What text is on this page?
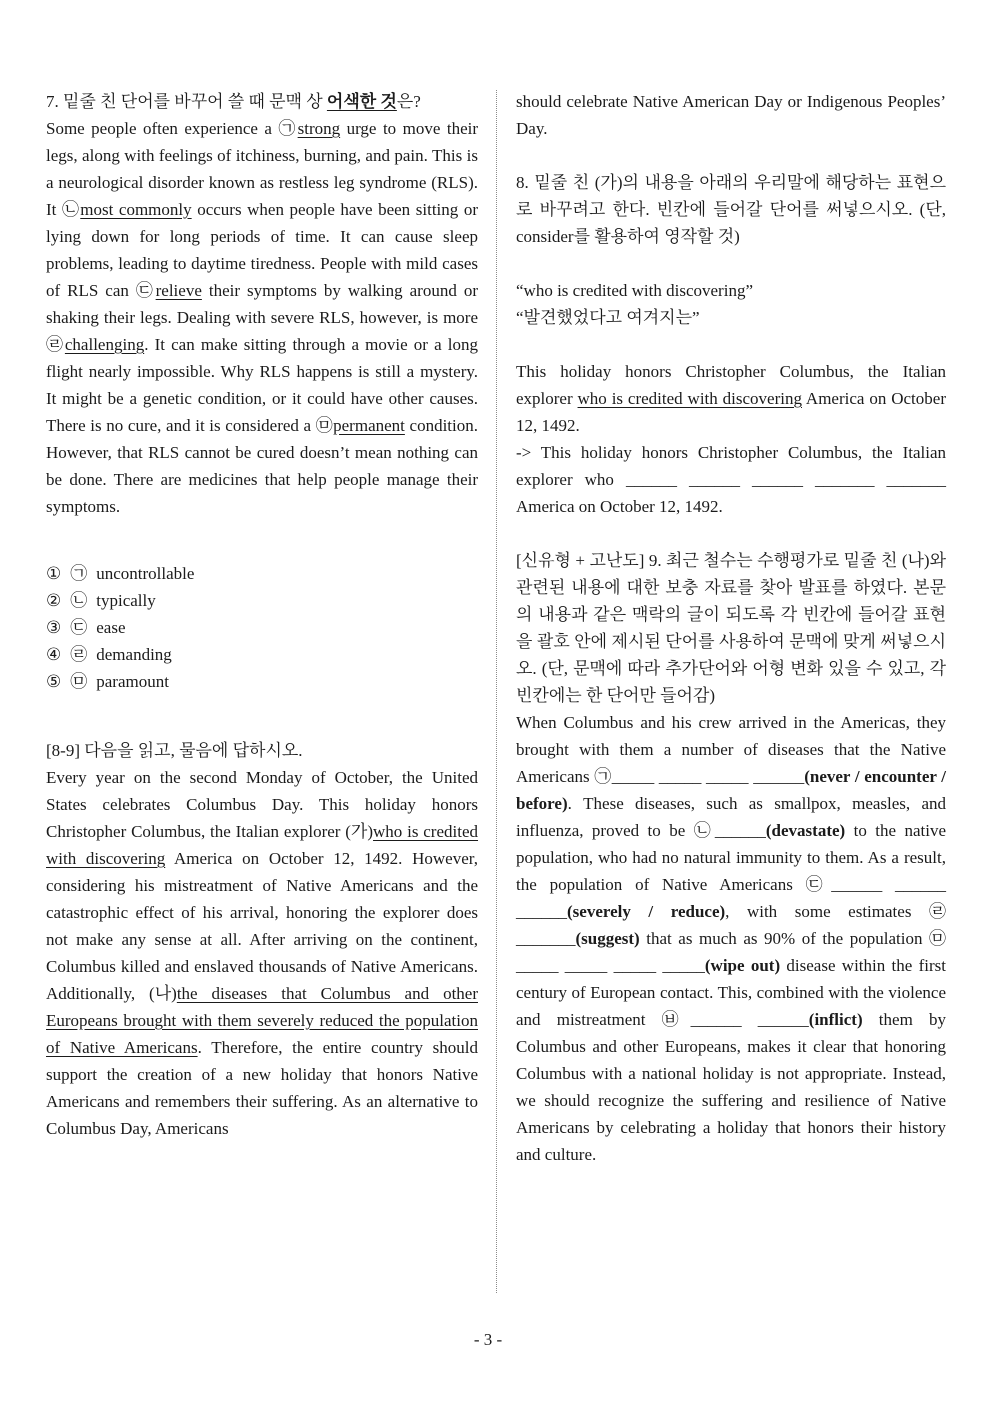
7. 밑줄 친 단어를 바꾸어 쓸 때 문맥 상 어색한 것은?
Some people often experience a ㉠strong urge to move their legs, along with feelings of itchiness, burning, and pain. This is a neurological disorder known as restless leg syndrome (RLS). It ㉡most commonly occurs when people have been sitting or lying down for long periods of time. It can cause sleep problems, leading to daytime tiredness. People with mild cases of RLS can ㉢relieve their symptoms by walking around or shaking their legs. Dealing with severe RLS, however, is more ㉣challenging. It can make sitting through a movie or a long flight nearly impossible. Why RLS happens is still a mystery. It might be a genetic condition, or it could have other causes. There is no cure, and it is considered a ㉤permanent condition. However, that RLS cannot be cured doesn’t mean nothing can be done. There are medicines that help people manage their symptoms.
① ㉠ uncontrollable
② ㉡ typically
③ ㉢ ease
④ ㉣ demanding
⑤ ㉤ paramount
[8-9] 다음을 읽고, 물음에 답하시오.
Every year on the second Monday of October, the United States celebrates Columbus Day. This holiday honors Christopher Columbus, the Italian explorer (가)who is credited with discovering America on October 12, 1492. However, considering his mistreatment of Native Americans and the catastrophic effect of his arrival, honoring the explorer does not make any sense at all. After arriving on the continent, Columbus killed and enslaved thousands of Native Americans. Additionally, (나)the diseases that Columbus and other Europeans brought with them severely reduced the population of Native Americans. Therefore, the entire country should support the creation of a new holiday that honors Native Americans and remembers their suffering. As an alternative to Columbus Day, Americans
should celebrate Native American Day or Indigenous Peoples’ Day.
8. 밑줄 친 (가)의 내용을 아래의 우리말에 해당하는 표현으로 바꾸려고 한다. 빈칸에 들어갈 단어를 써넣으시오. (단, consider를 활용하여 영작할 것)
“who is credited with discovering”
“발견했었다고 여겨지는”
This holiday honors Christopher Columbus, the Italian explorer who is credited with discovering America on October 12, 1492.
-> This holiday honors Christopher Columbus, the Italian explorer who ______ ______ ______ _______ _______ America on October 12, 1492.
[신유형 + 고난도] 9. 최근 철수는 수행평가로 밑줄 친 (나)와 관련된 내용에 대한 보충 자료를 찾아 발표를 하였다. 본문의 내용과 같은 맥락의 글이 되도록 각 빈칸에 들어갈 표현을 괄호 안에 제시된 단어를 사용하여 문맥에 맞게 써넣으시오. (단, 문맥에 따라 추가단어와 어형 변화 있을 수 있고, 각 빈칸에는 한 단어만 들어감)
When Columbus and his crew arrived in the Americas, they brought with them a number of diseases that the Native Americans ㉠_____ _____ _____ ______(never / encounter / before). These diseases, such as smallpox, measles, and influenza, proved to be ㉡______(devastate) to the native population, who had no natural immunity to them. As a result, the population of Native Americans ㉢______ ______ ______(severely / reduce), with some estimates ㉣_______(suggest) that as much as 90% of the population ㉤_____ _____ _____ _____(wipe out) disease within the first century of European contact. This, combined with the violence and mistreatment ㉥______ ______(inflict) them by Columbus and other Europeans, makes it clear that honoring Columbus with a national holiday is not appropriate. Instead, we should recognize the suffering and resilience of Native Americans by celebrating a holiday that honors their history and culture.
- 3 -
